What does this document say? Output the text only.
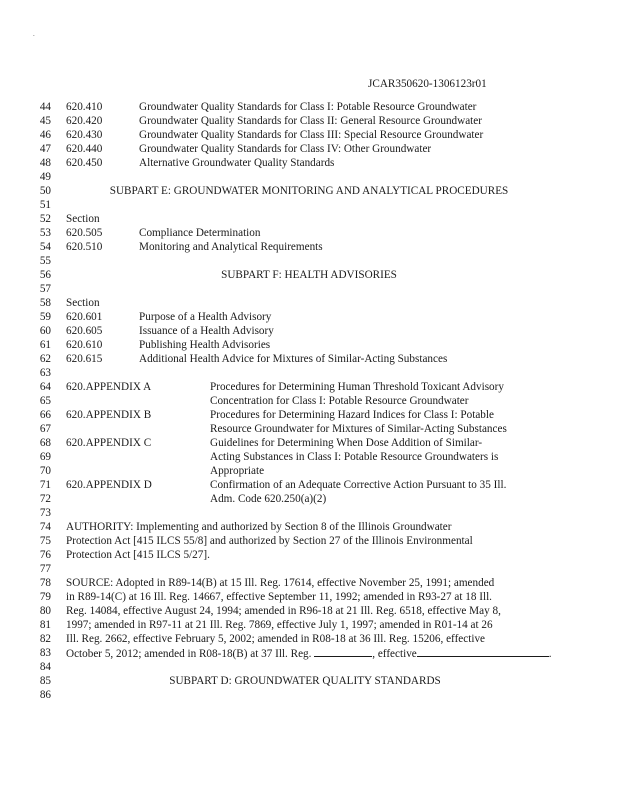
.
JCAR350620-1306123r01
44 620.410	Groundwater Quality Standards for Class I: Potable Resource Groundwater
45 620.420	Groundwater Quality Standards for Class II: General Resource Groundwater
46 620.430	Groundwater Quality Standards for Class III: Special Resource Groundwater
47 620.440	Groundwater Quality Standards for Class IV: Other Groundwater
48 620.450	Alternative Groundwater Quality Standards
49
50	SUBPART E: GROUNDWATER MONITORING AND ANALYTICAL PROCEDURES
51
52 Section
53 620.505	Compliance Determination
54 620.510	Monitoring and Analytical Requirements
55
56	SUBPART F: HEALTH ADVISORIES
57
58 Section
59 620.601	Purpose of a Health Advisory
60 620.605	Issuance of a Health Advisory
61 620.610	Publishing Health Advisories
62 620.615	Additional Health Advice for Mixtures of Similar-Acting Substances
63
64 620.APPENDIX A	Procedures for Determining Human Threshold Toxicant Advisory
65	Concentration for Class I: Potable Resource Groundwater
66 620.APPENDIX B	Procedures for Determining Hazard Indices for Class I: Potable
67	Resource Groundwater for Mixtures of Similar-Acting Substances
68 620.APPENDIX C	Guidelines for Determining When Dose Addition of Similar-
69	Acting Substances in Class I: Potable Resource Groundwaters is
70	Appropriate
71 620.APPENDIX D	Confirmation of an Adequate Corrective Action Pursuant to 35 Ill.
72	Adm. Code 620.250(a)(2)
73
74 AUTHORITY: Implementing and authorized by Section 8 of the Illinois Groundwater
75 Protection Act [415 ILCS 55/8] and authorized by Section 27 of the Illinois Environmental
76 Protection Act [415 ILCS 5/27].
77
78 SOURCE: Adopted in R89-14(B) at 15 Ill. Reg. 17614, effective November 25, 1991; amended
79 in R89-14(C) at 16 Ill. Reg. 14667, effective September 11, 1992; amended in R93-27 at 18 Ill.
80 Reg. 14084, effective August 24, 1994; amended in R96-18 at 21 Ill. Reg. 6518, effective May 8,
81 1997; amended in R97-11 at 21 Ill. Reg. 7869, effective July 1, 1997; amended in R01-14 at 26
82 Ill. Reg. 2662, effective February 5, 2002; amended in R08-18 at 36 Ill. Reg. 15206, effective
83 October 5, 2012; amended in R08-18(B) at 37 Ill. Reg.	, effective	.
84
85	SUBPART D: GROUNDWATER QUALITY STANDARDS
86
